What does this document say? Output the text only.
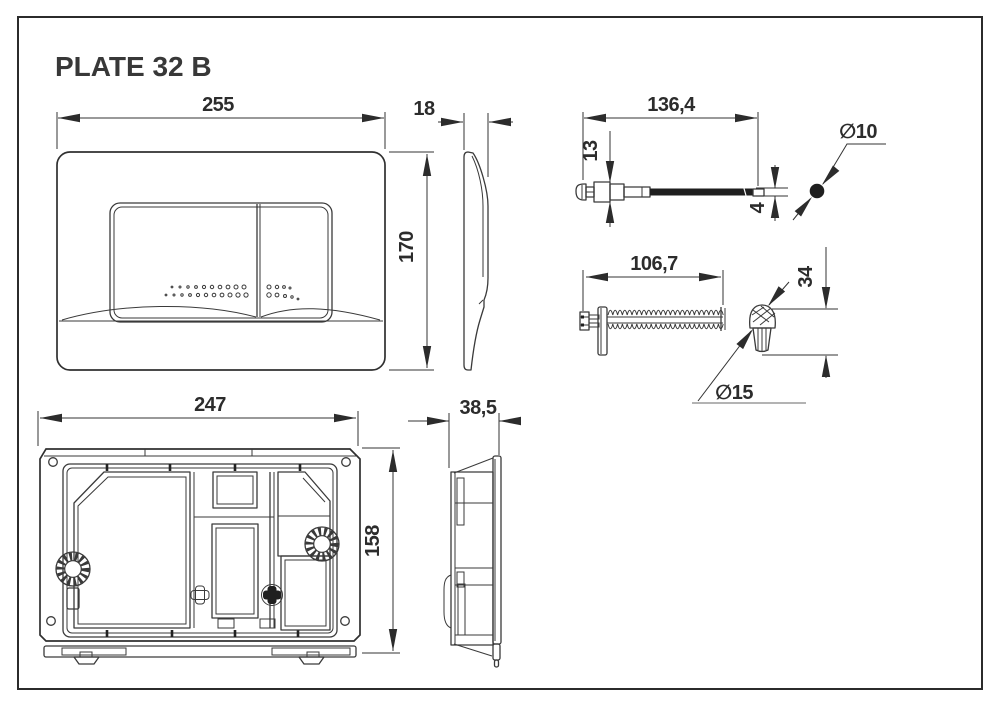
PLATE 32 B
255
170
18	136,4
13
4
∅10
106,7
34
∅15
247
158
38,5
